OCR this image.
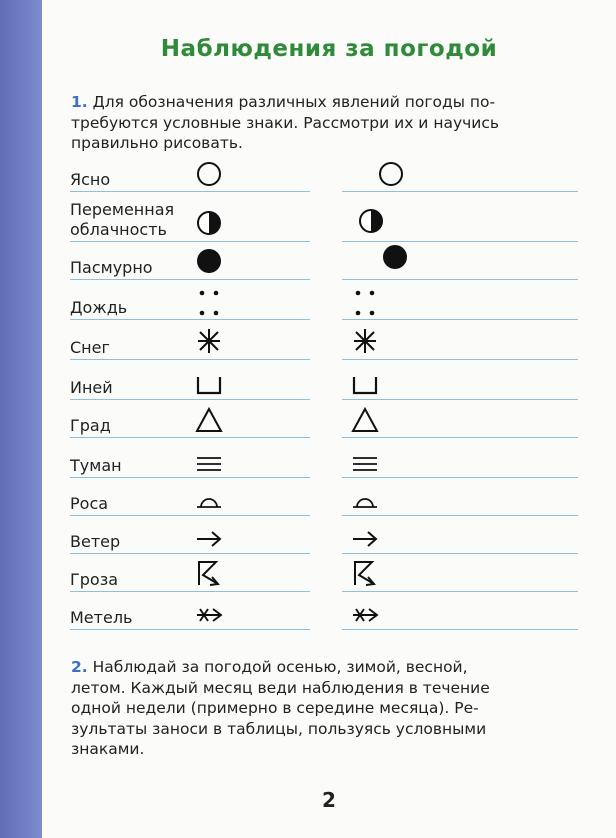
Наблюдения за погодой
1. Для обозначения различных явлений погоды по-
требуются условные знаки. Рассмотри их и научись
правильно рисовать.
Ясно
Переменная
облачность
Пасмурно
Дождь
Снег
Иней
Град
Туман
Роса
Ветер
Гроза
Метель
2. Наблюдай за погодой осенью, зимой, весной,
летом. Каждый месяц веди наблюдения в течение
одной недели (примерно в середине месяца). Ре-
зультаты заноси в таблицы, пользуясь условными
знаками.
2
